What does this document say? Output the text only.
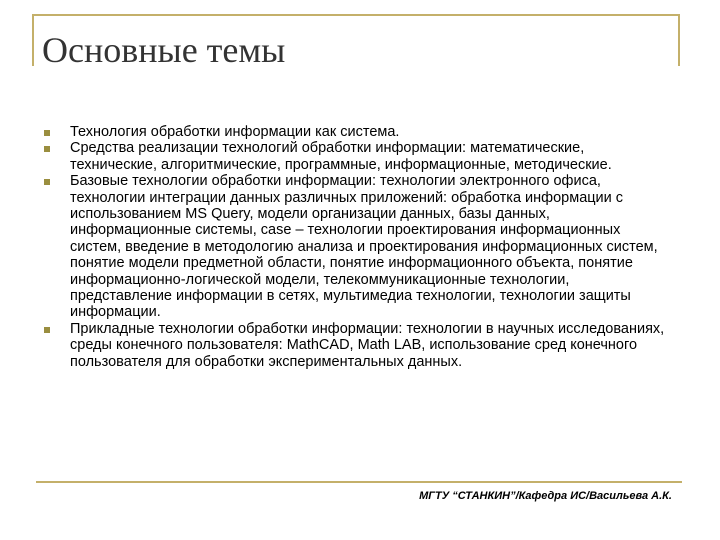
Основные темы
Технология обработки информации как система.
Средства реализации технологий обработки информации: математические, технические, алгоритмические, программные, информационные, методические.
Базовые технологии обработки информации: технологии электронного офиса, технологии интеграции данных различных приложений: обработка информации с использованием MS Query, модели организации данных, базы данных, информационные системы, case – технологии проектирования информационных систем, введение в методологию анализа и проектирования информационных систем, понятие модели предметной области, понятие информационного объекта, понятие информационно-логической модели, телекоммуникационные технологии, представление информации в сетях, мультимедиа технологии, технологии защиты информации.
Прикладные технологии обработки информации: технологии в научных исследованиях, среды конечного пользователя: MathCAD, Math LAB, использование сред конечного пользователя для обработки экспериментальных данных.
МГТУ “СТАНКИН”/Кафедра ИС/Васильева А.К.
